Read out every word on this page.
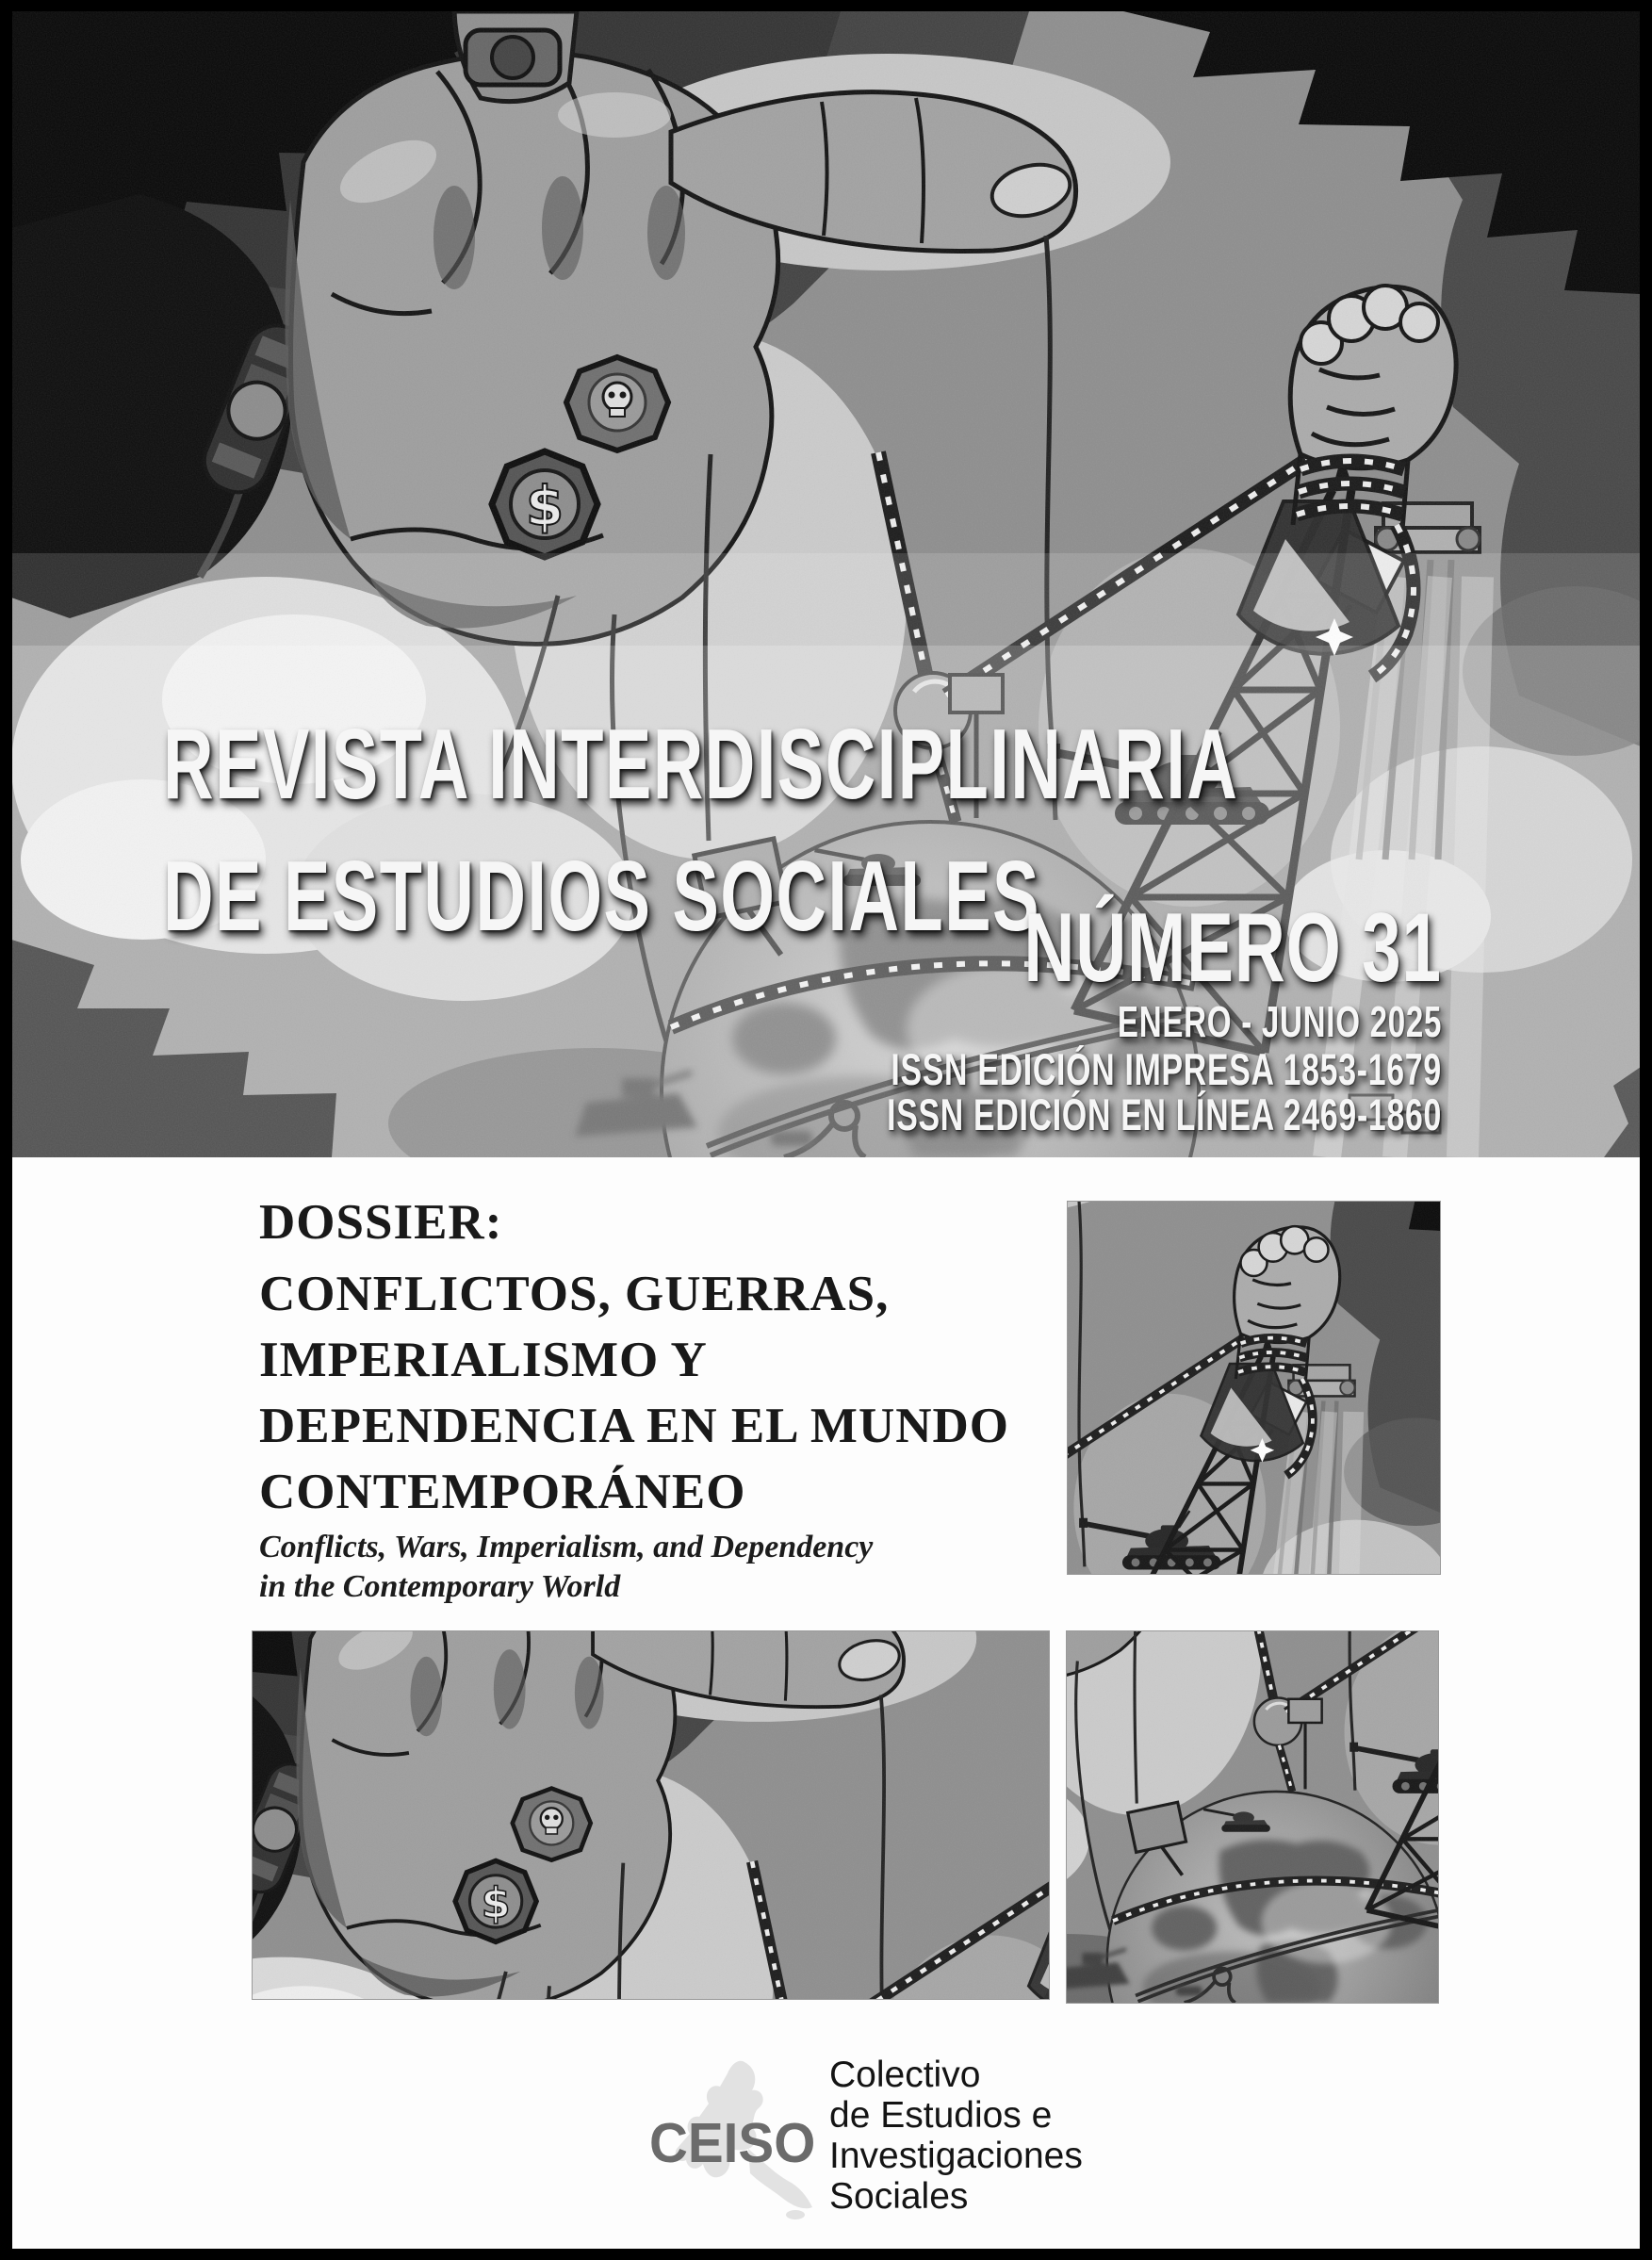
REVISTA INTERDISCIPLINARIA
DE ESTUDIOS SOCIALES
NÚMERO 31
ENERO - JUNIO 2025
ISSN EDICIÓN IMPRESA 1853-1679
ISSN EDICIÓN EN LÍNEA 2469-1860
DOSSIER:
CONFLICTOS, GUERRAS,
IMPERIALISMO Y
DEPENDENCIA EN EL MUNDO
CONTEMPORÁNEO
Conflicts, Wars, Imperialism, and Dependency
in the Contemporary World
CEISO
Colectivo
de Estudios e
Investigaciones
Sociales
